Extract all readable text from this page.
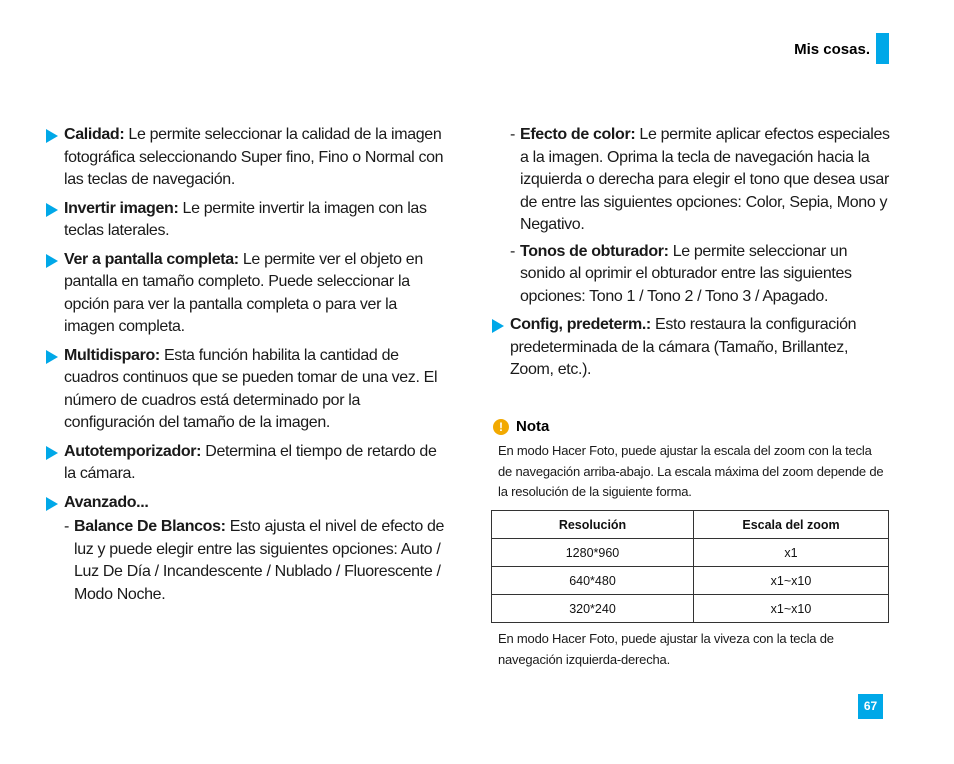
Mis cosas.
Calidad: Le permite seleccionar la calidad de la imagen fotográfica seleccionando Super fino, Fino o Normal con las teclas de navegación.
Invertir imagen: Le permite invertir la imagen con las teclas laterales.
Ver a pantalla completa: Le permite ver el objeto en pantalla en tamaño completo. Puede seleccionar la opción para ver la pantalla completa o para ver la imagen completa.
Multidisparo: Esta función habilita la cantidad de cuadros continuos que se pueden tomar de una vez. El número de cuadros está determinado por la configuración del tamaño de la imagen.
Autotemporizador: Determina el tiempo de retardo de la cámara.
Avanzado...
- Balance De Blancos: Esto ajusta el nivel de efecto de luz y puede elegir entre las siguientes opciones: Auto / Luz De Día / Incandescente / Nublado / Fluorescente / Modo Noche.
- Efecto de color: Le permite aplicar efectos especiales a la imagen. Oprima la tecla de navegación hacia la izquierda o derecha para elegir el tono que desea usar de entre las siguientes opciones: Color, Sepia, Mono y Negativo.
- Tonos de obturador: Le permite seleccionar un sonido al oprimir el obturador entre las siguientes opciones: Tono 1 / Tono 2 / Tono 3 / Apagado.
Config, predeterm.: Esto restaura la configuración predeterminada de la cámara (Tamaño, Brillantez, Zoom, etc.).
! Nota
En modo Hacer Foto, puede ajustar la escala del zoom con la tecla de navegación arriba-abajo. La escala máxima del zoom depende de la resolución de la siguiente forma.
Resolución	Escala del zoom
1280*960	x1
640*480	x1~x10
320*240	x1~x10
En modo Hacer Foto, puede ajustar la viveza con la tecla de navegación izquierda-derecha.
67
